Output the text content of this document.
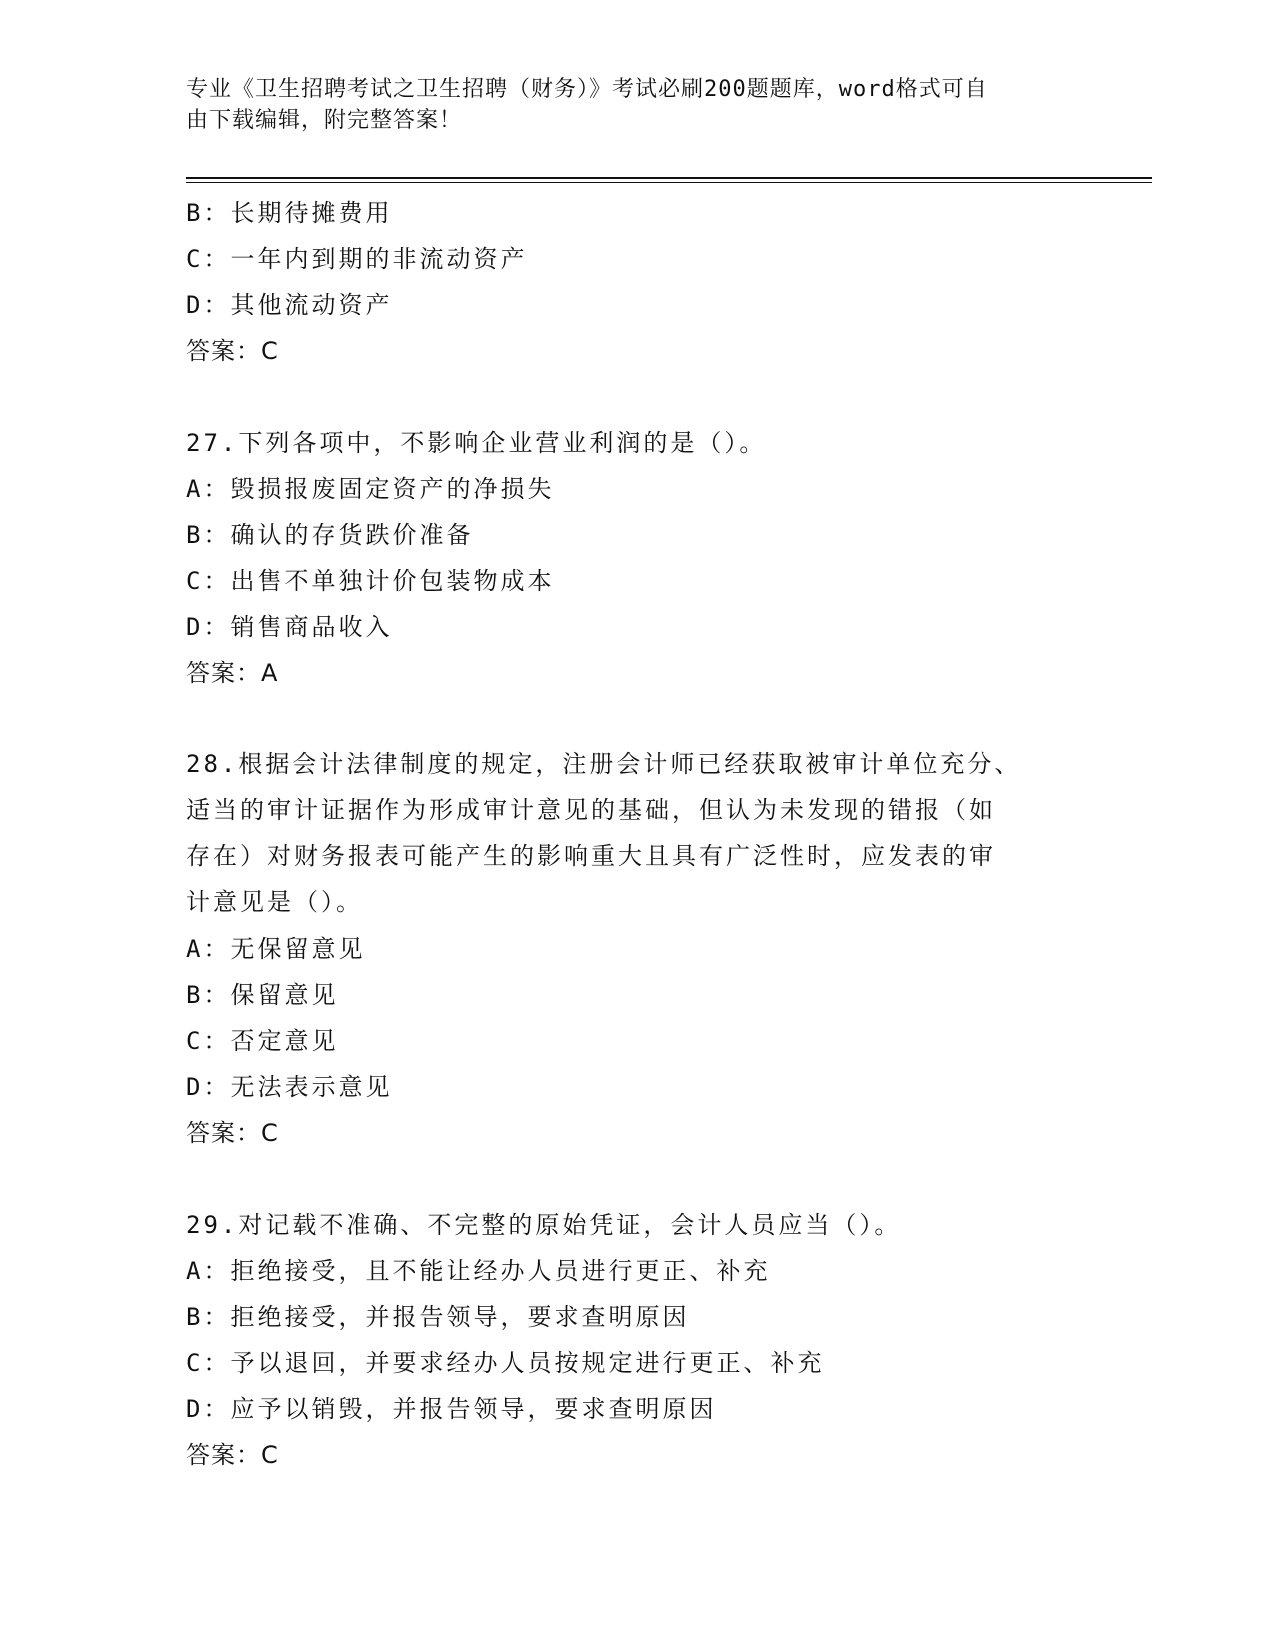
专业《卫生招聘考试之卫生招聘（财务）》考试必刷200题题库，word格式可自
由下载编辑，附完整答案！
B：长期待摊费用
C：一年内到期的非流动资产
D：其他流动资产
答案：C
27.下列各项中，不影响企业营业利润的是（）。
A：毁损报废固定资产的净损失
B：确认的存货跌价准备
C：出售不单独计价包装物成本
D：销售商品收入
答案：A
28.根据会计法律制度的规定，注册会计师已经获取被审计单位充分、
适当的审计证据作为形成审计意见的基础，但认为未发现的错报（如
存在）对财务报表可能产生的影响重大且具有广泛性时，应发表的审
计意见是（）。
A：无保留意见
B：保留意见
C：否定意见
D：无法表示意见
答案：C
29.对记载不准确、不完整的原始凭证，会计人员应当（）。
A：拒绝接受，且不能让经办人员进行更正、补充
B：拒绝接受，并报告领导，要求查明原因
C：予以退回，并要求经办人员按规定进行更正、补充
D：应予以销毁，并报告领导，要求查明原因
答案：C
